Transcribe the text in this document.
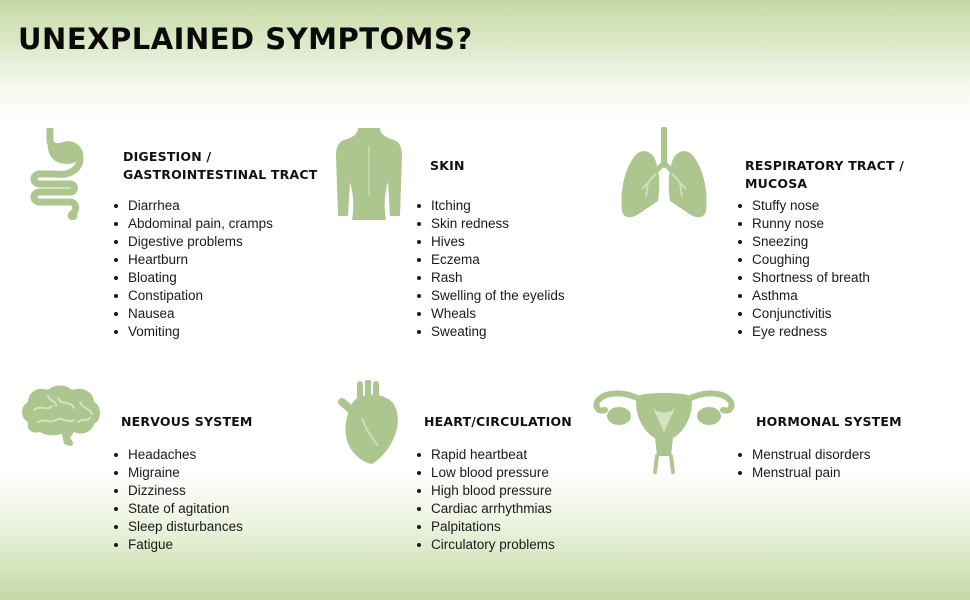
UNEXPLAINED SYMPTOMS?
DIGESTION /
GASTROINTESTINAL TRACT
Diarrhea
Abdominal pain, cramps
Digestive problems
Heartburn
Bloating
Constipation
Nausea
Vomiting
SKIN
Itching
Skin redness
Hives
Eczema
Rash
Swelling of the eyelids
Wheals
Sweating
RESPIRATORY TRACT /
MUCOSA
Stuffy nose
Runny nose
Sneezing
Coughing
Shortness of breath
Asthma
Conjunctivitis
Eye redness
NERVOUS SYSTEM
Headaches
Migraine
Dizziness
State of agitation
Sleep disturbances
Fatigue
HEART/CIRCULATION
Rapid heartbeat
Low blood pressure
High blood pressure
Cardiac arrhythmias
Palpitations
Circulatory problems
HORMONAL SYSTEM
Menstrual disorders
Menstrual pain
